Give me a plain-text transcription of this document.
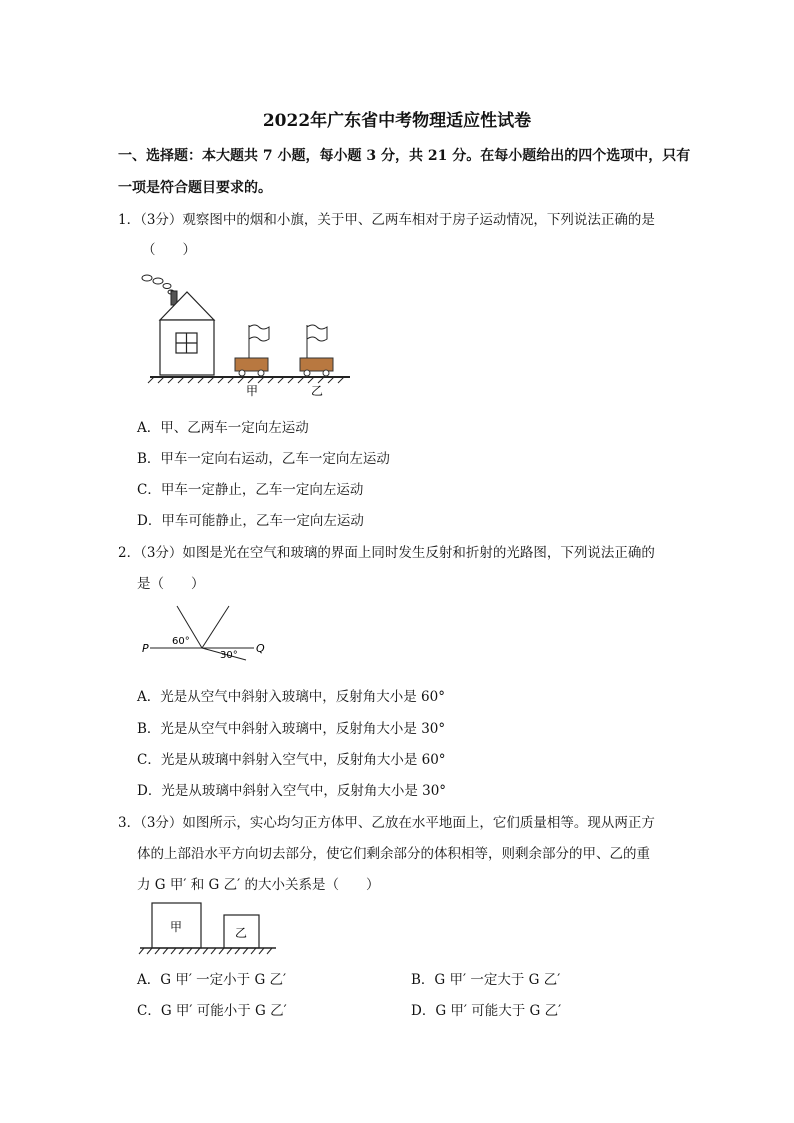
2022年广东省中考物理适应性试卷
一、选择题：本大题共 7 小题，每小题 3 分，共 21 分。在每小题给出的四个选项中，只有
一项是符合题目要求的。
1．（3分）观察图中的烟和小旗，关于甲、乙两车相对于房子运动情况，下列说法正确的是
（　　）
甲	乙
A．甲、乙两车一定向左运动
B．甲车一定向右运动，乙车一定向左运动
C．甲车一定静止，乙车一定向左运动
D．甲车可能静止，乙车一定向左运动
2．（3分）如图是光在空气和玻璃的界面上同时发生反射和折射的光路图，下列说法正确的
是（　　）
P	Q
60°
30°
A．光是从空气中斜射入玻璃中，反射角大小是 60°
B．光是从空气中斜射入玻璃中，反射角大小是 30°
C．光是从玻璃中斜射入空气中，反射角大小是 60°
D．光是从玻璃中斜射入空气中，反射角大小是 30°
3．（3分）如图所示，实心均匀正方体甲、乙放在水平地面上，它们质量相等。现从两正方
体的上部沿水平方向切去部分，使它们剩余部分的体积相等，则剩余部分的甲、乙的重
力 G 甲′ 和 G 乙′ 的大小关系是（　　）
甲	乙
A．G 甲′ 一定小于 G 乙′	B．G 甲′ 一定大于 G 乙′
C．G 甲′ 可能小于 G 乙′	D．G 甲′ 可能大于 G 乙′
